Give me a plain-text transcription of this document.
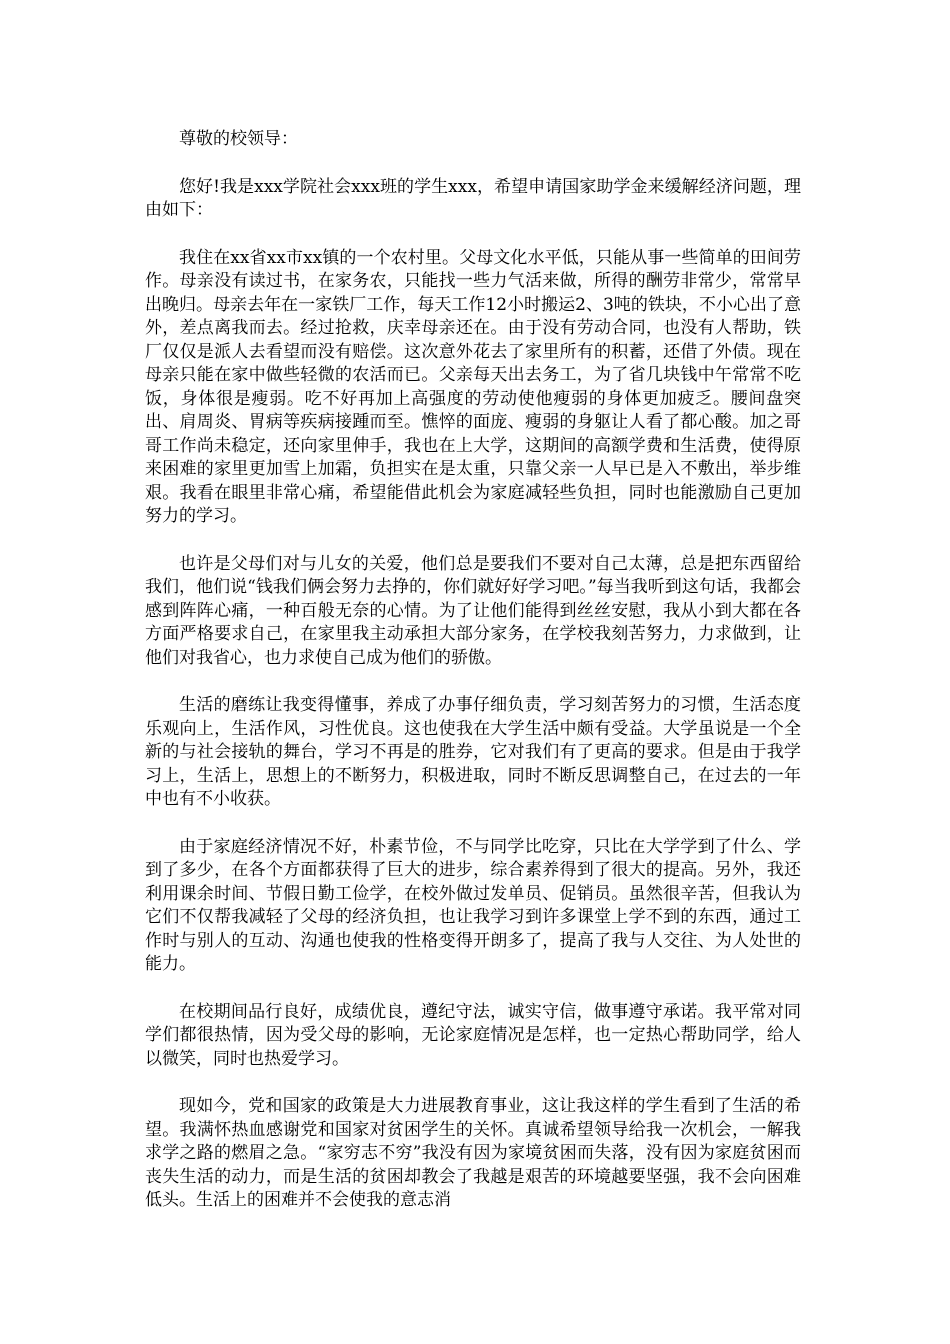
尊敬的校领导：

您好!我是xxx学院社会xxx班的学生xxx，希望申请国家助学金来缓解经济问题，理由如下：

我住在xx省xx市xx镇的一个农村里。父母文化水平低，只能从事一些简单的田间劳作。母亲没有读过书，在家务农，只能找一些力气活来做，所得的酬劳非常少，常常早出晚归。母亲去年在一家铁厂工作，每天工作12小时搬运2、3吨的铁块，不小心出了意外，差点离我而去。经过抢救，庆幸母亲还在。由于没有劳动合同，也没有人帮助，铁厂仅仅是派人去看望而没有赔偿。这次意外花去了家里所有的积蓄，还借了外债。现在母亲只能在家中做些轻微的农活而已。父亲每天出去务工，为了省几块钱中午常常不吃饭，身体很是瘦弱。吃不好再加上高强度的劳动使他瘦弱的身体更加疲乏。腰间盘突出、肩周炎、胃病等疾病接踵而至。憔悴的面庞、瘦弱的身躯让人看了都心酸。加之哥哥工作尚未稳定，还向家里伸手，我也在上大学，这期间的高额学费和生活费，使得原来困难的家里更加雪上加霜，负担实在是太重，只靠父亲一人早已是入不敷出，举步维艰。我看在眼里非常心痛，希望能借此机会为家庭减轻些负担，同时也能激励自己更加努力的学习。

也许是父母们对与儿女的关爱，他们总是要我们不要对自己太薄，总是把东西留给我们，他们说“钱我们俩会努力去挣的，你们就好好学习吧。”每当我听到这句话，我都会感到阵阵心痛，一种百般无奈的心情。为了让他们能得到丝丝安慰，我从小到大都在各方面严格要求自己，在家里我主动承担大部分家务，在学校我刻苦努力，力求做到，让他们对我省心，也力求使自己成为他们的骄傲。

生活的磨练让我变得懂事，养成了办事仔细负责，学习刻苦努力的习惯，生活态度乐观向上，生活作风，习性优良。这也使我在大学生活中颇有受益。大学虽说是一个全新的与社会接轨的舞台，学习不再是的胜券，它对我们有了更高的要求。但是由于我学习上，生活上，思想上的不断努力，积极进取，同时不断反思调整自己，在过去的一年中也有不小收获。

由于家庭经济情况不好，朴素节俭，不与同学比吃穿，只比在大学学到了什么、学到了多少，在各个方面都获得了巨大的进步，综合素养得到了很大的提高。另外，我还利用课余时间、节假日勤工俭学，在校外做过发单员、促销员。虽然很辛苦，但我认为它们不仅帮我减轻了父母的经济负担，也让我学习到许多课堂上学不到的东西，通过工作时与别人的互动、沟通也使我的性格变得开朗多了，提高了我与人交往、为人处世的能力。

在校期间品行良好，成绩优良，遵纪守法，诚实守信，做事遵守承诺。我平常对同学们都很热情，因为受父母的影响，无论家庭情况是怎样，也一定热心帮助同学，给人以微笑，同时也热爱学习。

现如今，党和国家的政策是大力进展教育事业，这让我这样的学生看到了生活的希望。我满怀热血感谢党和国家对贫困学生的关怀。真诚希望领导给我一次机会，一解我求学之路的燃眉之急。“家穷志不穷”我没有因为家境贫困而失落，没有因为家庭贫困而丧失生活的动力，而是生活的贫困却教会了我越是艰苦的环境越要坚强，我不会向困难低头。生活上的困难并不会使我的意志消
